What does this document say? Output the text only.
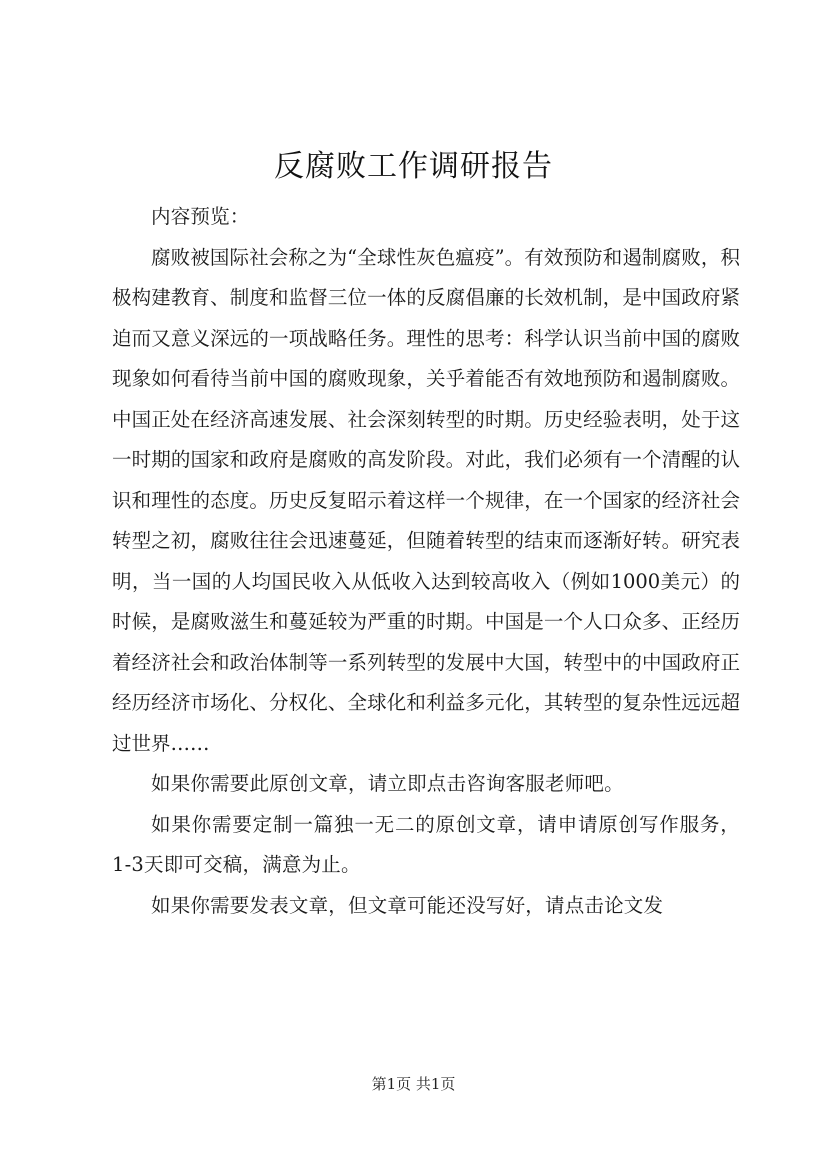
反腐败工作调研报告

内容预览：

腐败被国际社会称之为“全球性灰色瘟疫”。有效预防和遏制腐败，积极构建教育、制度和监督三位一体的反腐倡廉的长效机制，是中国政府紧迫而又意义深远的一项战略任务。理性的思考：科学认识当前中国的腐败现象如何看待当前中国的腐败现象，关乎着能否有效地预防和遏制腐败。中国正处在经济高速发展、社会深刻转型的时期。历史经验表明，处于这一时期的国家和政府是腐败的高发阶段。对此，我们必须有一个清醒的认识和理性的态度。历史反复昭示着这样一个规律，在一个国家的经济社会转型之初，腐败往往会迅速蔓延，但随着转型的结束而逐渐好转。研究表明，当一国的人均国民收入从低收入达到较高收入（例如1000美元）的时候，是腐败滋生和蔓延较为严重的时期。中国是一个人口众多、正经历着经济社会和政治体制等一系列转型的发展中大国，转型中的中国政府正经历经济市场化、分权化、全球化和利益多元化，其转型的复杂性远远超过世界……

如果你需要此原创文章，请立即点击咨询客服老师吧。

如果你需要定制一篇独一无二的原创文章，请申请原创写作服务，1-3天即可交稿，满意为止。

如果你需要发表文章，但文章可能还没写好，请点击论文发

第1页 共1页
